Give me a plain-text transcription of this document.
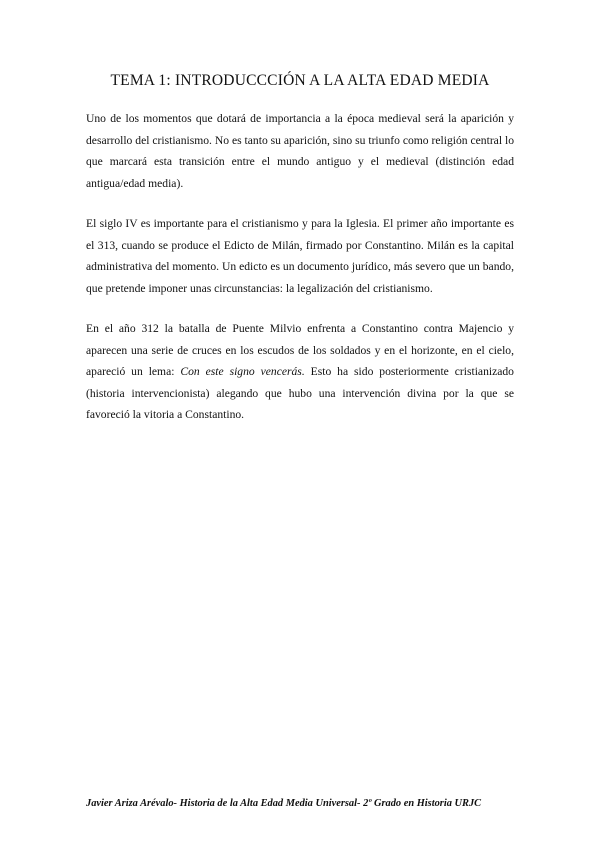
TEMA 1: INTRODUCCCIÓN A LA ALTA EDAD MEDIA

Uno de los momentos que dotará de importancia a la época medieval será la aparición y desarrollo del cristianismo. No es tanto su aparición, sino su triunfo como religión central lo que marcará esta transición entre el mundo antiguo y el medieval (distinción edad antigua/edad media).

El siglo IV es importante para el cristianismo y para la Iglesia. El primer año importante es el 313, cuando se produce el Edicto de Milán, firmado por Constantino. Milán es la capital administrativa del momento. Un edicto es un documento jurídico, más severo que un bando, que pretende imponer unas circunstancias: la legalización del cristianismo.

En el año 312 la batalla de Puente Milvio enfrenta a Constantino contra Majencio y aparecen una serie de cruces en los escudos de los soldados y en el horizonte, en el cielo, apareció un lema: Con este signo vencerás. Esto ha sido posteriormente cristianizado (historia intervencionista) alegando que hubo una intervención divina por la que se favoreció la vitoria a Constantino.

Javier Ariza Arévalo- Historia de la Alta Edad Media Universal- 2º Grado en Historia URJC
